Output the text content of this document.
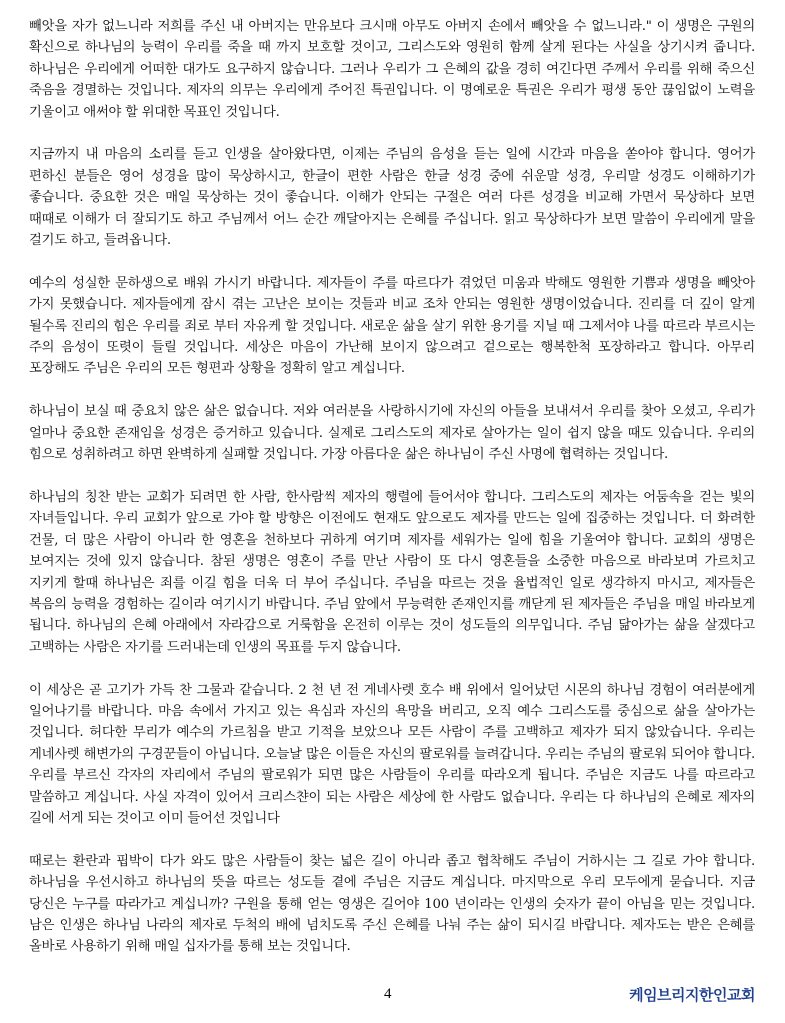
빼앗을 자가 없느니라 저희를 주신 내 아버지는 만유보다 크시매 아무도 아버지 손에서 빼앗을 수 없느니라." 이 생명은 구원의 확신으로 하나님의 능력이 우리를 죽을 때 까지 보호할 것이고, 그리스도와 영원히 함께 살게 된다는 사실을 상기시켜 줍니다. 하나님은 우리에게 어떠한 대가도 요구하지 않습니다. 그러나 우리가 그 은혜의 값을 경히 여긴다면 주께서 우리를 위해 죽으신 죽음을 경멸하는 것입니다. 제자의 의무는 우리에게 주어진 특권입니다. 이 명예로운 특권은 우리가 평생 동안 끊임없이 노력을 기울이고 애써야 할 위대한 목표인 것입니다.

지금까지 내 마음의 소리를 듣고 인생을 살아왔다면, 이제는 주님의 음성을 듣는 일에 시간과 마음을 쏟아야 합니다. 영어가 편하신 분들은 영어 성경을 많이 묵상하시고, 한글이 편한 사람은 한글 성경 중에 쉬운말 성경, 우리말 성경도 이해하기가 좋습니다. 중요한 것은 매일 묵상하는 것이 좋습니다. 이해가 안되는 구절은 여러 다른 성경을 비교해 가면서 묵상하다 보면 때때로 이해가 더 잘되기도 하고 주님께서 어느 순간 깨달아지는 은혜를 주십니다. 읽고 묵상하다가 보면 말씀이 우리에게 말을 걸기도 하고, 들려옵니다.

예수의 성실한 문하생으로 배워 가시기 바랍니다. 제자들이 주를 따르다가 겪었던 미움과 박해도 영원한 기쁨과 생명을 빼앗아 가지 못했습니다. 제자들에게 잠시 겪는 고난은 보이는 것들과 비교 조차 안되는 영원한 생명이었습니다. 진리를 더 깊이 알게 될수록 진리의 힘은 우리를 죄로 부터 자유케 할 것입니다. 새로운 삶을 살기 위한 용기를 지닐 때 그제서야 나를 따르라 부르시는 주의 음성이 또렷이 들릴 것입니다. 세상은 마음이 가난해 보이지 않으려고 겉으로는 행복한척 포장하라고 합니다. 아무리 포장해도 주님은 우리의 모든 형편과 상황을 정확히 알고 계십니다.

하나님이 보실 때 중요치 않은 삶은 없습니다. 저와 여러분을 사랑하시기에 자신의 아들을 보내셔서 우리를 찾아 오셨고, 우리가 얼마나 중요한 존재임을 성경은 증거하고 있습니다. 실제로 그리스도의 제자로 살아가는 일이 쉽지 않을 때도 있습니다. 우리의 힘으로 성취하려고 하면 완벽하게 실패할 것입니다. 가장 아름다운 삶은 하나님이 주신 사명에 협력하는 것입니다.

하나님의 칭찬 받는 교회가 되려면 한 사람, 한사람씩 제자의 행렬에 들어서야 합니다. 그리스도의 제자는 어둠속을 걷는 빛의 자녀들입니다. 우리 교회가 앞으로 가야 할 방향은 이전에도 현재도 앞으로도 제자를 만드는 일에 집중하는 것입니다. 더 화려한 건물, 더 많은 사람이 아니라 한 영혼을 천하보다 귀하게 여기며 제자를 세워가는 일에 힘을 기울여야 합니다. 교회의 생명은 보여지는 것에 있지 않습니다. 참된 생명은 영혼이 주를 만난 사람이 또 다시 영혼들을 소중한 마음으로 바라보며 가르치고 지키게 할때 하나님은 죄를 이길 힘을 더욱 더 부어 주십니다. 주님을 따르는 것을 율법적인 일로 생각하지 마시고, 제자들은 복음의 능력을 경험하는 길이라 여기시기 바랍니다. 주님 앞에서 무능력한 존재인지를 깨닫게 된 제자들은 주님을 매일 바라보게 됩니다. 하나님의 은혜 아래에서 자라감으로 거룩함을 온전히 이루는 것이 성도들의 의무입니다. 주님 닮아가는 삶을 살겠다고 고백하는 사람은 자기를 드러내는데 인생의 목표를 두지 않습니다.

이 세상은 곧 고기가 가득 찬 그물과 같습니다. 2 천 년 전 게네사렛 호수 배 위에서 일어났던 시몬의 하나님 경험이 여러분에게 일어나기를 바랍니다. 마음 속에서 가지고 있는 욕심과 자신의 욕망을 버리고, 오직 예수 그리스도를 중심으로 삶을 살아가는 것입니다. 허다한 무리가 예수의 가르침을 받고 기적을 보았으나 모든 사람이 주를 고백하고 제자가 되지 않았습니다. 우리는 게네사렛 해변가의 구경꾼들이 아닙니다. 오늘날 많은 이들은 자신의 팔로워를 늘려갑니다. 우리는 주님의 팔로워 되어야 합니다. 우리를 부르신 각자의 자리에서 주님의 팔로워가 되면 많은 사람들이 우리를 따라오게 됩니다. 주님은 지금도 나를 따르라고 말씀하고 계십니다. 사실 자격이 있어서 크리스챤이 되는 사람은 세상에 한 사람도 없습니다. 우리는 다 하나님의 은혜로 제자의 길에 서게 되는 것이고 이미 들어선 것입니다

때로는 환란과 핍박이 다가 와도 많은 사람들이 찾는 넓은 길이 아니라 좁고 협착해도 주님이 거하시는 그 길로 가야 합니다. 하나님을 우선시하고 하나님의 뜻을 따르는 성도들 곁에 주님은 지금도 계십니다. 마지막으로 우리 모두에게 묻습니다. 지금 당신은 누구를 따라가고 계십니까? 구원을 통해 얻는 영생은 길어야 100 년이라는 인생의 숫자가 끝이 아님을 믿는 것입니다. 남은 인생은 하나님 나라의 제자로 두척의 배에 넘치도록 주신 은혜를 나눠 주는 삶이 되시길 바랍니다. 제자도는 받은 은혜를 올바로 사용하기 위해 매일 십자가를 통해 보는 것입니다.

4	케임브리지한인교회
